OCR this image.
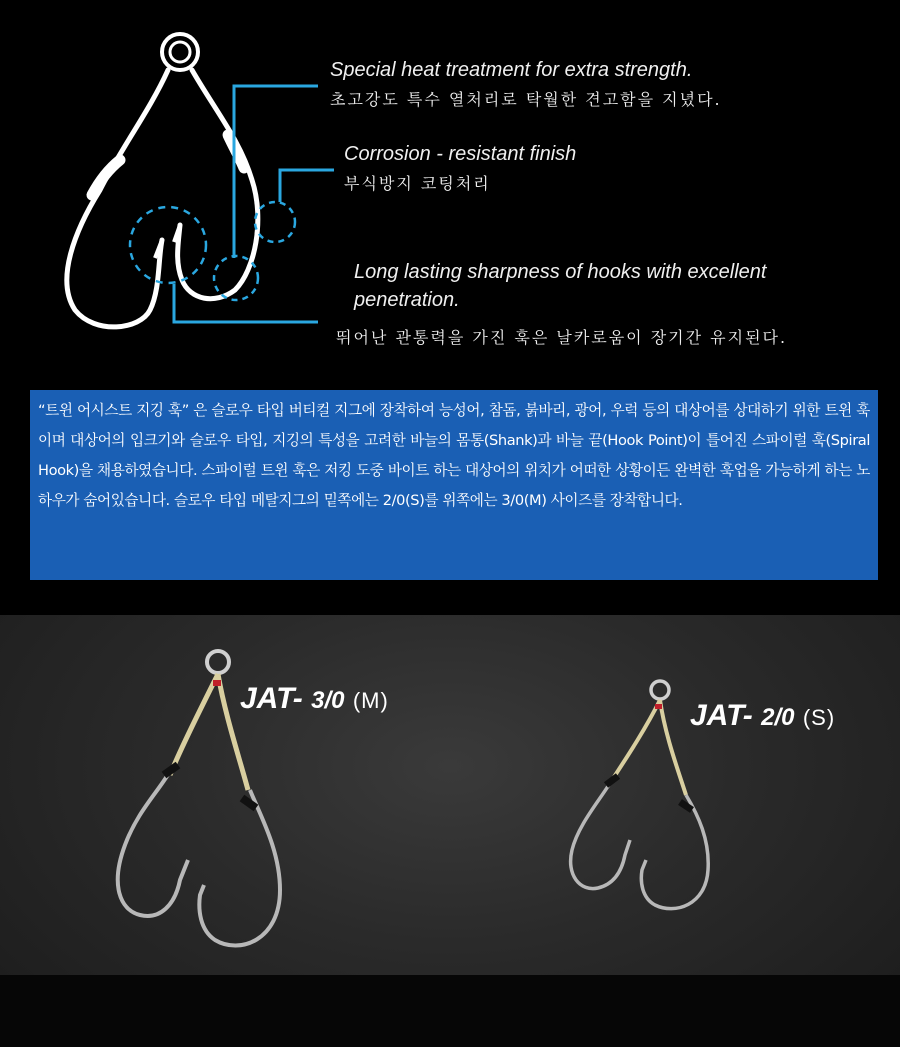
Special heat treatment for extra strength.
초고강도 특수 열처리로 탁월한 견고함을 지녔다.
Corrosion - resistant finish
부식방지 코팅처리
Long lasting sharpness of hooks with excellent
penetration.
뛰어난 관통력을 가진 훅은 날카로움이 장기간 유지된다.
“트윈 어시스트 지깅 훅” 은 슬로우 타입 버티컬 지그에 장착하여 능성어, 참돔, 붉바리, 광어, 우럭 등의 대상어를 상대하기 위한 트윈 훅이며 대상어의 입크기와 슬로우 타입, 지깅의 특성을 고려한 바늘의 몸통(Shank)과 바늘 끝(Hook Point)이 틀어진 스파이럴 훅(Spiral Hook)을 채용하였습니다. 스파이럴 트윈 훅은 저킹 도중 바이트 하는 대상어의 위치가 어떠한 상황이든 완벽한 훅업을 가능하게 하는 노하우가 숨어있습니다. 슬로우 타입 메탈지그의 밑쪽에는 2/0(S)를 위쪽에는 3/0(M) 사이즈를 장착합니다.
JAT- 3/0 (M)	JAT- 2/0 (S)
